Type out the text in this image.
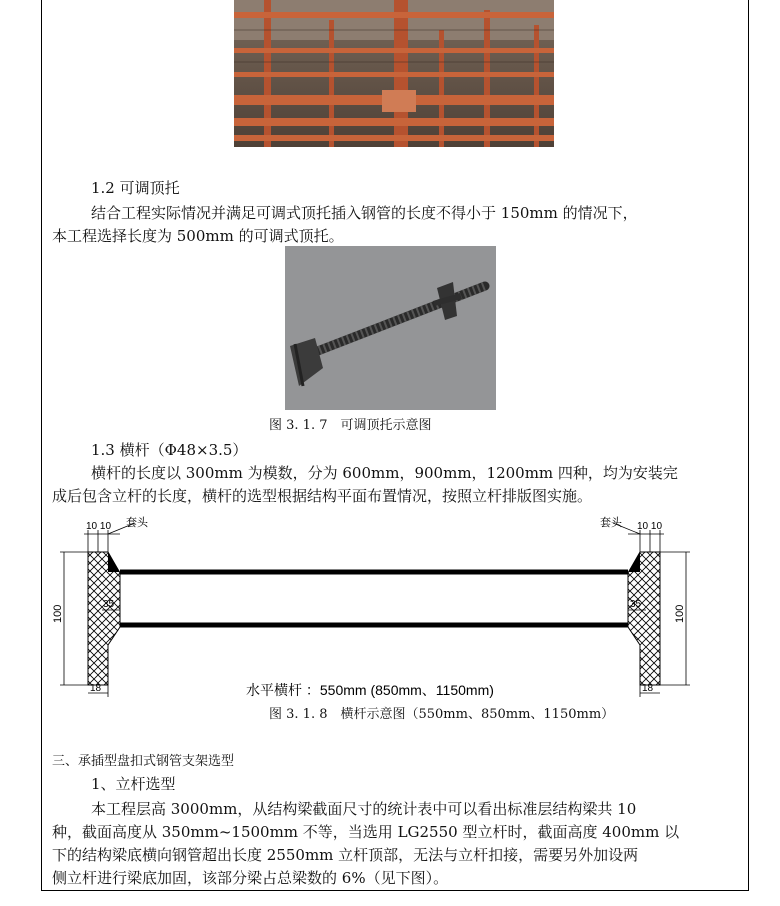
1.2 可调顶托
结合工程实际情况并满足可调式顶托插入钢管的长度不得小于 150mm 的情况下，
本工程选择长度为 500mm 的可调式顶托。
图 3. 1. 7　可调顶托示意图
1.3 横杆（Φ48×3.5）
横杆的长度以 300mm 为模数，分为 600mm，900mm，1200mm 四种，均为安装完
成后包含立杆的长度，横杆的选型根据结构平面布置情况，按照立杆排版图实施。
套头	套头
10 10	10 10
100	100
35	35
18	18
水平横杆 ：550mm (850mm、1150mm)
图 3. 1. 8　横杆示意图（550mm、850mm、1150mm）
三、承插型盘扣式钢管支架选型
1、立杆选型
本工程层高 3000mm，从结构梁截面尺寸的统计表中可以看出标准层结构梁共 10
种，截面高度从 350mm~1500mm 不等，当选用 LG2550 型立杆时，截面高度 400mm 以
下的结构梁底横向钢管超出长度 2550mm 立杆顶部，无法与立杆扣接，需要另外加设两
侧立杆进行梁底加固，该部分梁占总梁数的 6%（见下图）。
